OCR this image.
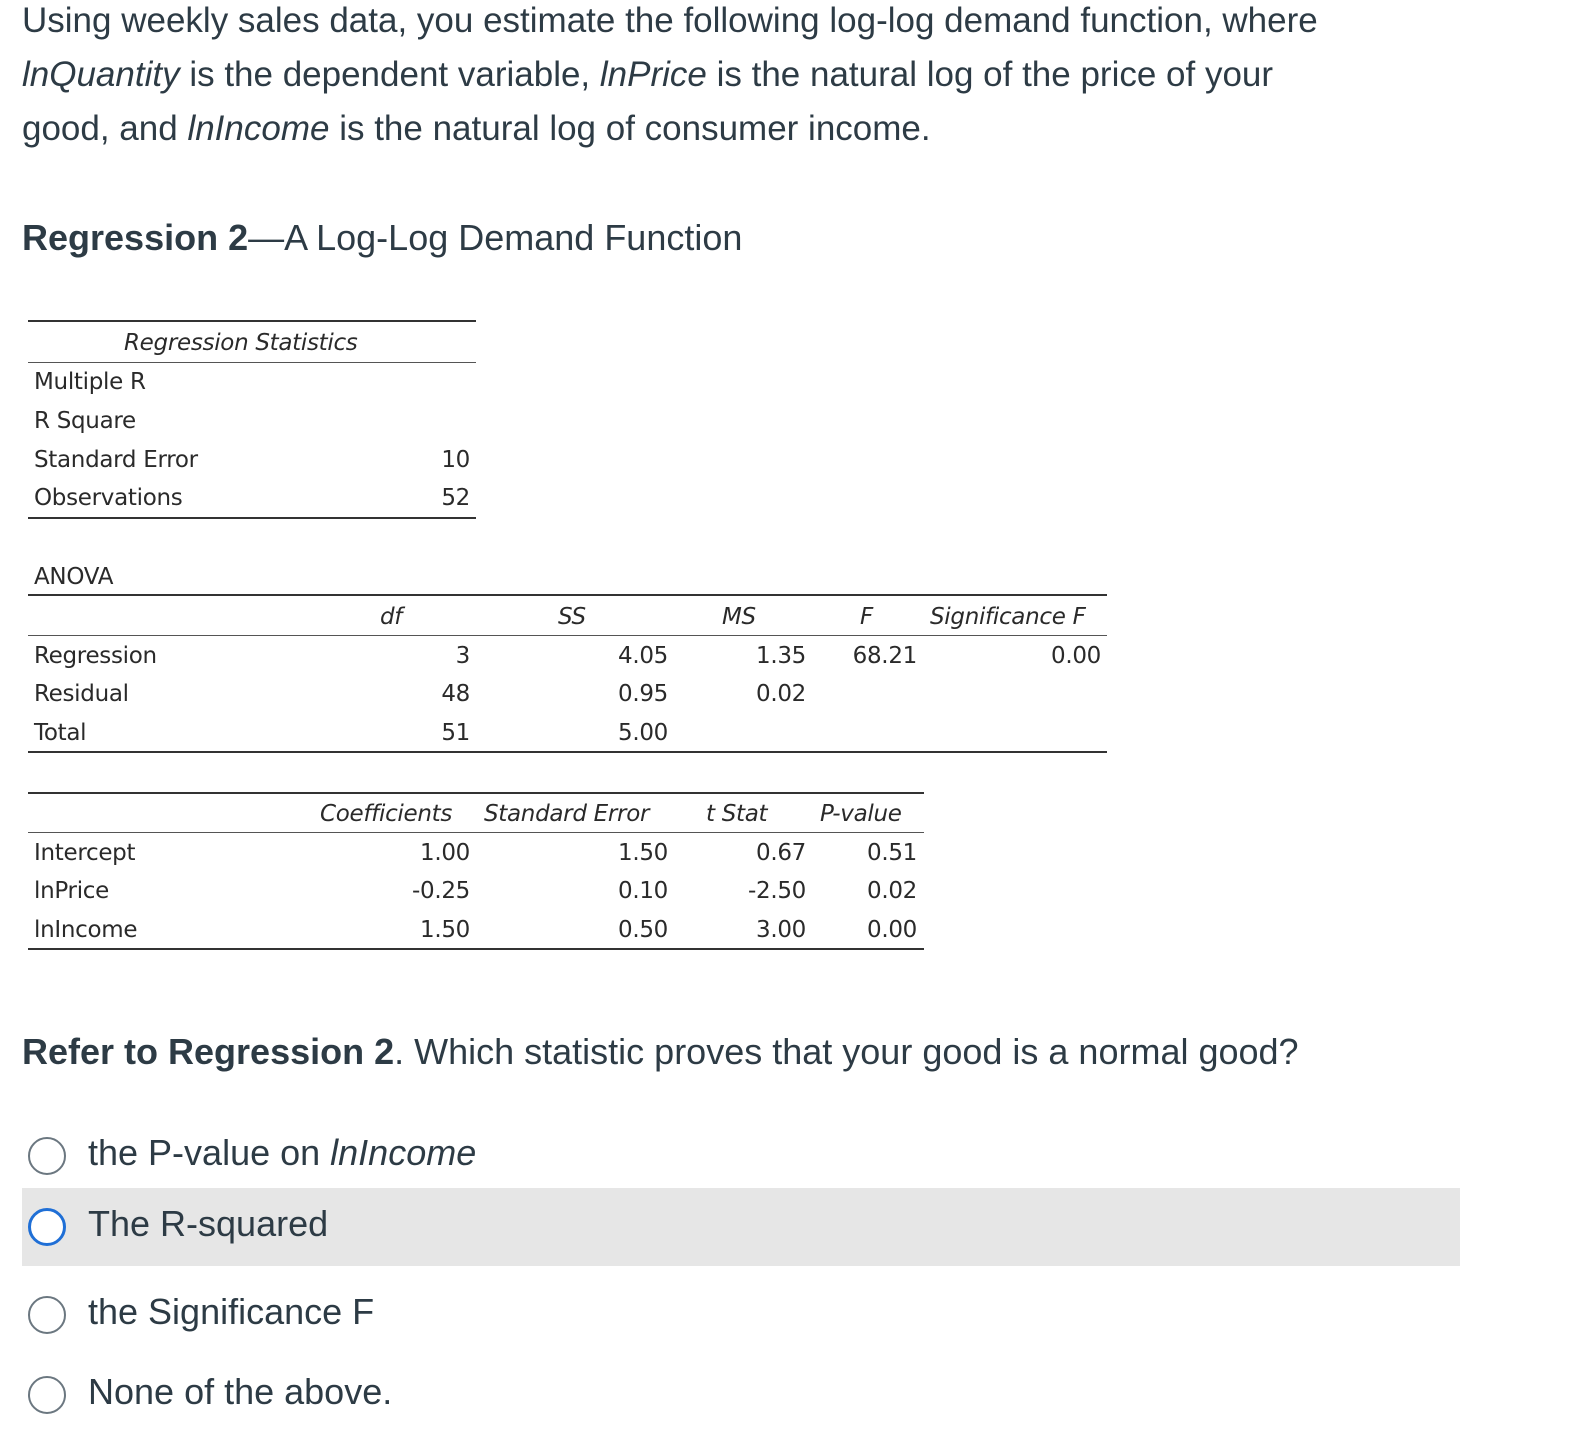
Using weekly sales data, you estimate the following log-log demand function, where
lnQuantity is the dependent variable, lnPrice is the natural log of the price of your
good, and lnIncome is the natural log of consumer income.
Regression 2—A Log-Log Demand Function
Regression Statistics
Multiple R
R Square
Standard Error	10
Observations	52
ANOVA
df	SS	MS	F Significance F
Regression	3	4.05	1.35 68.21	0.00
Residual	48	0.95	0.02
Total	51	5.00
Coefficients Standard Error t Stat P-value
Intercept	1.00	1.50	0.67	0.51
lnPrice	-0.25	0.10	-2.50	0.02
lnIncome	1.50	0.50	3.00	0.00
Refer to Regression 2. Which statistic proves that your good is a normal good?
the P-value on lnIncome
The R-squared
the Significance F
None of the above.
